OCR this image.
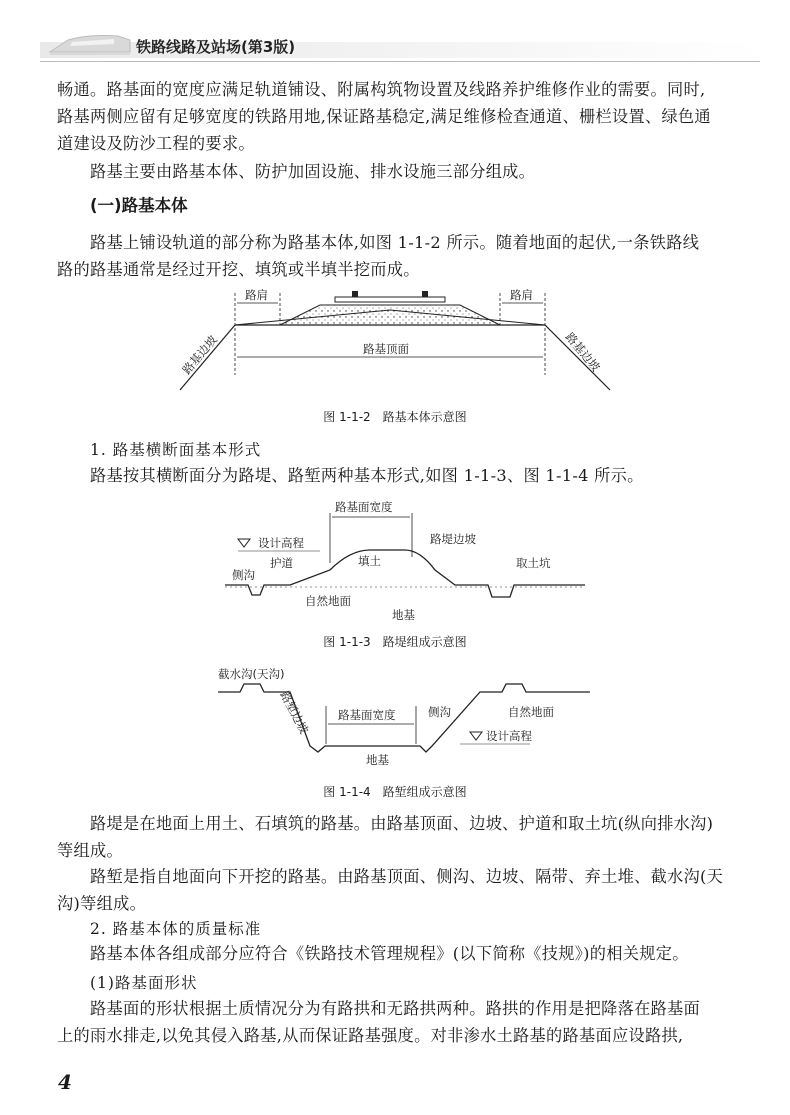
铁路线路及站场(第3版)
畅通。路基面的宽度应满足轨道铺设、附属构筑物设置及线路养护维修作业的需要。同时,
路基两侧应留有足够宽度的铁路用地,保证路基稳定,满足维修检查通道、栅栏设置、绿色通
道建设及防沙工程的要求。
路基主要由路基本体、防护加固设施、排水设施三部分组成。
(一)路基本体
路基上铺设轨道的部分称为路基本体,如图 1-1-2 所示。随着地面的起伏,一条铁路线
路的路基通常是经过开挖、填筑或半填半挖而成。
路肩	路肩
路基顶面
路基边坡	路基边坡
图 1-1-2　路基本体示意图
1. 路基横断面基本形式
路基按其横断面分为路堤、路堑两种基本形式,如图 1-1-3、图 1-1-4 所示。
路基面宽度
设计高程
护道	填土
路堤边坡
侧沟
取土坑
自然地面
地基
图 1-1-3　路堤组成示意图
截水沟(天沟)
路堑边坡 路基面宽度	侧沟	自然地面
设计高程
地基
图 1-1-4　路堑组成示意图
路堤是在地面上用土、石填筑的路基。由路基顶面、边坡、护道和取土坑(纵向排水沟)
等组成。
路堑是指自地面向下开挖的路基。由路基顶面、侧沟、边坡、隔带、弃土堆、截水沟(天
沟)等组成。
2. 路基本体的质量标准
路基本体各组成部分应符合《铁路技术管理规程》(以下简称《技规》)的相关规定。
(1)路基面形状
路基面的形状根据土质情况分为有路拱和无路拱两种。路拱的作用是把降落在路基面
上的雨水排走,以免其侵入路基,从而保证路基强度。对非渗水土路基的路基面应设路拱,
4
